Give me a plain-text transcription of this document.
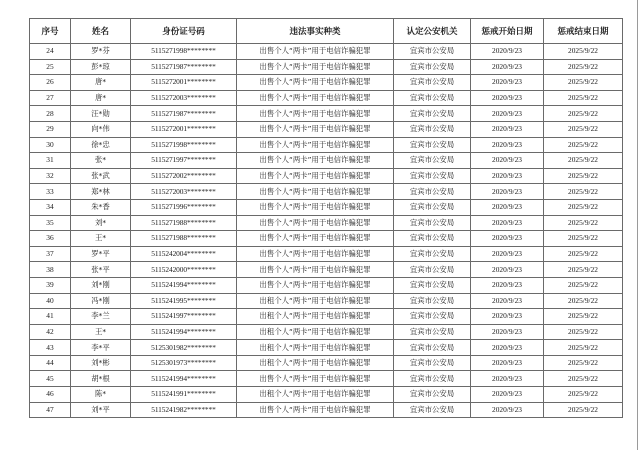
序号	姓名	身份证号码	违法事实种类	认定公安机关	惩戒开始日期	惩戒结束日期
24	罗*芬	5115271998********	出售个人“两卡”用于电信诈骗犯罪	宜宾市公安局	2020/9/23	2025/9/22
25	彭*琼	5115271987********	出售个人“两卡”用于电信诈骗犯罪	宜宾市公安局	2020/9/23	2025/9/22
26	唐*	5115272001********	出售个人“两卡”用于电信诈骗犯罪	宜宾市公安局	2020/9/23	2025/9/22
27	唐*	5115272003********	出售个人“两卡”用于电信诈骗犯罪	宜宾市公安局	2020/9/23	2025/9/22
28	汪*勋	5115271987********	出售个人“两卡”用于电信诈骗犯罪	宜宾市公安局	2020/9/23	2025/9/22
29	向*伟	5115272001********	出售个人“两卡”用于电信诈骗犯罪	宜宾市公安局	2020/9/23	2025/9/22
30	徐*忠	5115271998********	出售个人“两卡”用于电信诈骗犯罪	宜宾市公安局	2020/9/23	2025/9/22
31	张*	5115271997********	出售个人“两卡”用于电信诈骗犯罪	宜宾市公安局	2020/9/23	2025/9/22
32	张*武	5115272002********	出售个人“两卡”用于电信诈骗犯罪	宜宾市公安局	2020/9/23	2025/9/22
33	郑*林	5115272003********	出售个人“两卡”用于电信诈骗犯罪	宜宾市公安局	2020/9/23	2025/9/22
34	朱*香	5115271996********	出售个人“两卡”用于电信诈骗犯罪	宜宾市公安局	2020/9/23	2025/9/22
35	刘*	5115271988********	出售个人“两卡”用于电信诈骗犯罪	宜宾市公安局	2020/9/23	2025/9/22
36	王*	5115271988********	出售个人“两卡”用于电信诈骗犯罪	宜宾市公安局	2020/9/23	2025/9/22
37	罗*平	5115242004********	出售个人“两卡”用于电信诈骗犯罪	宜宾市公安局	2020/9/23	2025/9/22
38	张*平	5115242000********	出售个人“两卡”用于电信诈骗犯罪	宜宾市公安局	2020/9/23	2025/9/22
39	刘*刚	5115241994********	出售个人“两卡”用于电信诈骗犯罪	宜宾市公安局	2020/9/23	2025/9/22
40	冯*刚	5115241995********	出租个人“两卡”用于电信诈骗犯罪	宜宾市公安局	2020/9/23	2025/9/22
41	李*兰	5115241997********	出租个人“两卡”用于电信诈骗犯罪	宜宾市公安局	2020/9/23	2025/9/22
42	王*	5115241994********	出租个人“两卡”用于电信诈骗犯罪	宜宾市公安局	2020/9/23	2025/9/22
43	李*平	5125301982********	出租个人“两卡”用于电信诈骗犯罪	宜宾市公安局	2020/9/23	2025/9/22
44	刘*彬	5125301973********	出租个人“两卡”用于电信诈骗犯罪	宜宾市公安局	2020/9/23	2025/9/22
45	胡*根	5115241994********	出售个人“两卡”用于电信诈骗犯罪	宜宾市公安局	2020/9/23	2025/9/22
46	陈*	5115241991********	出租个人“两卡”用于电信诈骗犯罪	宜宾市公安局	2020/9/23	2025/9/22
47	刘*平	5115241982********	出售个人“两卡”用于电信诈骗犯罪	宜宾市公安局	2020/9/23	2025/9/22
